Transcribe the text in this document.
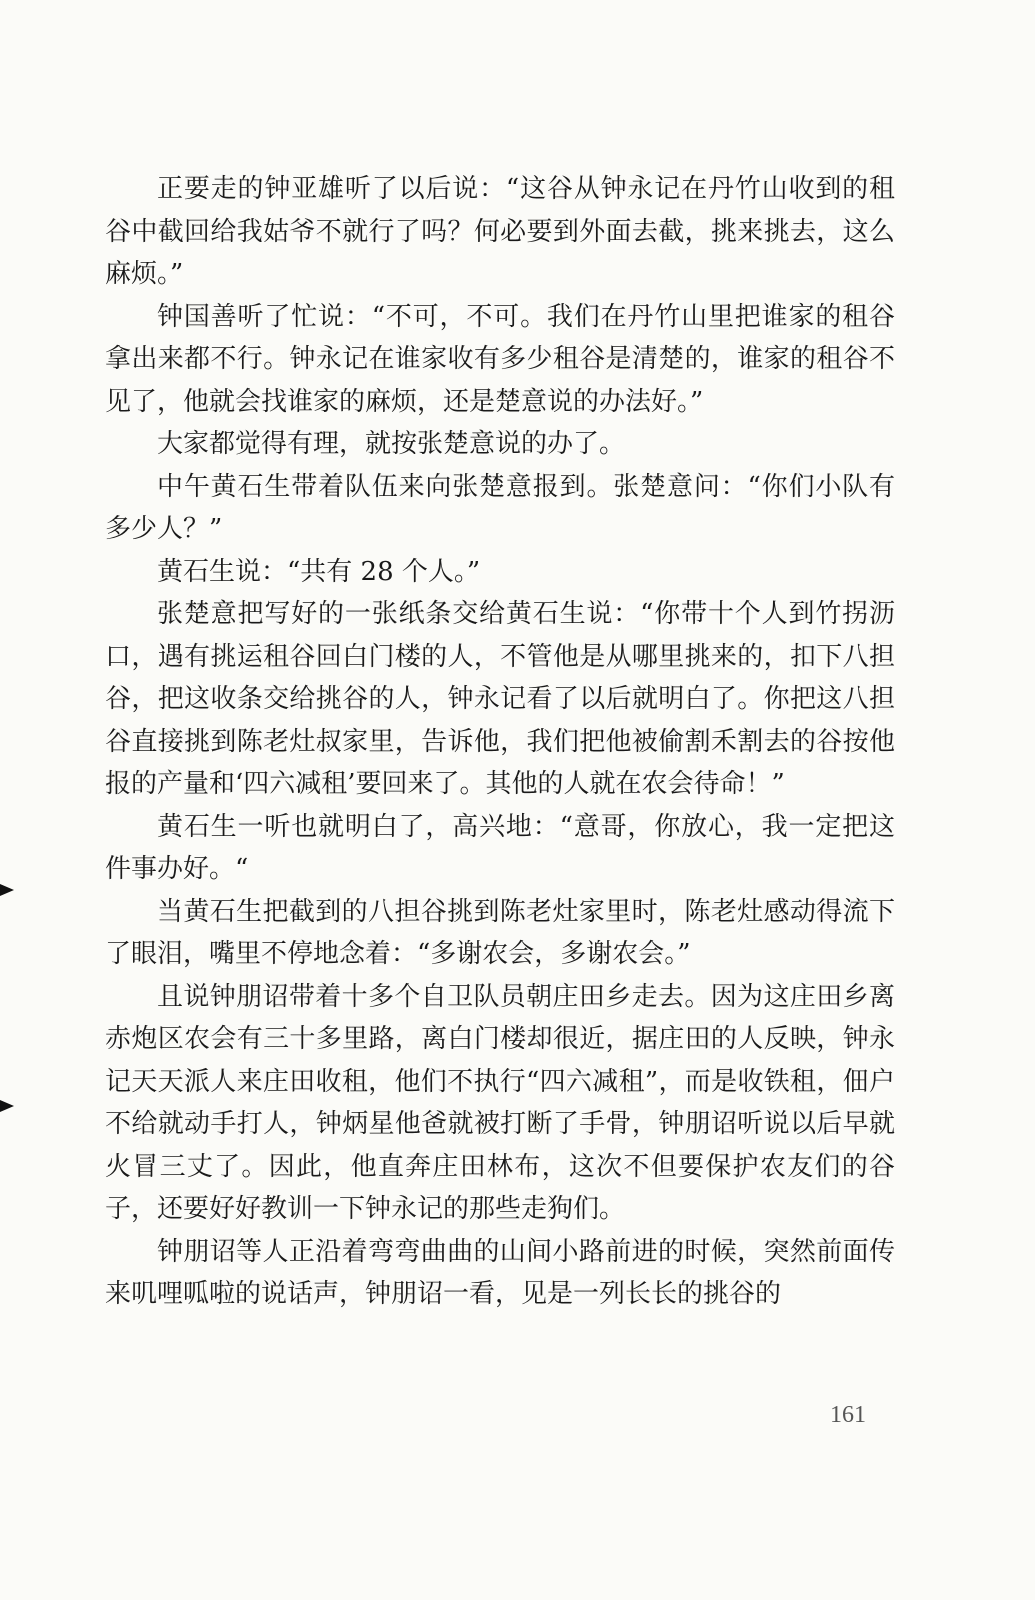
正要走的钟亚雄听了以后说：“这谷从钟永记在丹竹山收到的租谷中截回给我姑爷不就行了吗？何必要到外面去截，挑来挑去，这么麻烦。”

钟国善听了忙说：“不可，不可。我们在丹竹山里把谁家的租谷拿出来都不行。钟永记在谁家收有多少租谷是清楚的，谁家的租谷不见了，他就会找谁家的麻烦，还是楚意说的办法好。”

大家都觉得有理，就按张楚意说的办了。

中午黄石生带着队伍来向张楚意报到。张楚意问：“你们小队有多少人？”

黄石生说：“共有 28 个人。”

张楚意把写好的一张纸条交给黄石生说：“你带十个人到竹拐沥口，遇有挑运租谷回白门楼的人，不管他是从哪里挑来的，扣下八担谷，把这收条交给挑谷的人，钟永记看了以后就明白了。你把这八担谷直接挑到陈老灶叔家里，告诉他，我们把他被偷割禾割去的谷按他报的产量和‘四六减租’要回来了。其他的人就在农会待命！”

黄石生一听也就明白了，高兴地：“意哥，你放心，我一定把这件事办好。“

当黄石生把截到的八担谷挑到陈老灶家里时，陈老灶感动得流下了眼泪，嘴里不停地念着：“多谢农会，多谢农会。”

且说钟朋诏带着十多个自卫队员朝庄田乡走去。因为这庄田乡离赤炮区农会有三十多里路，离白门楼却很近，据庄田的人反映，钟永记天天派人来庄田收租，他们不执行“四六减租”，而是收铁租，佃户不给就动手打人，钟炳星他爸就被打断了手骨，钟朋诏听说以后早就火冒三丈了。因此，他直奔庄田林布，这次不但要保护农友们的谷子，还要好好教训一下钟永记的那些走狗们。

钟朋诏等人正沿着弯弯曲曲的山间小路前进的时候，突然前面传来叽哩呱啦的说话声，钟朋诏一看，见是一列长长的挑谷的

161
